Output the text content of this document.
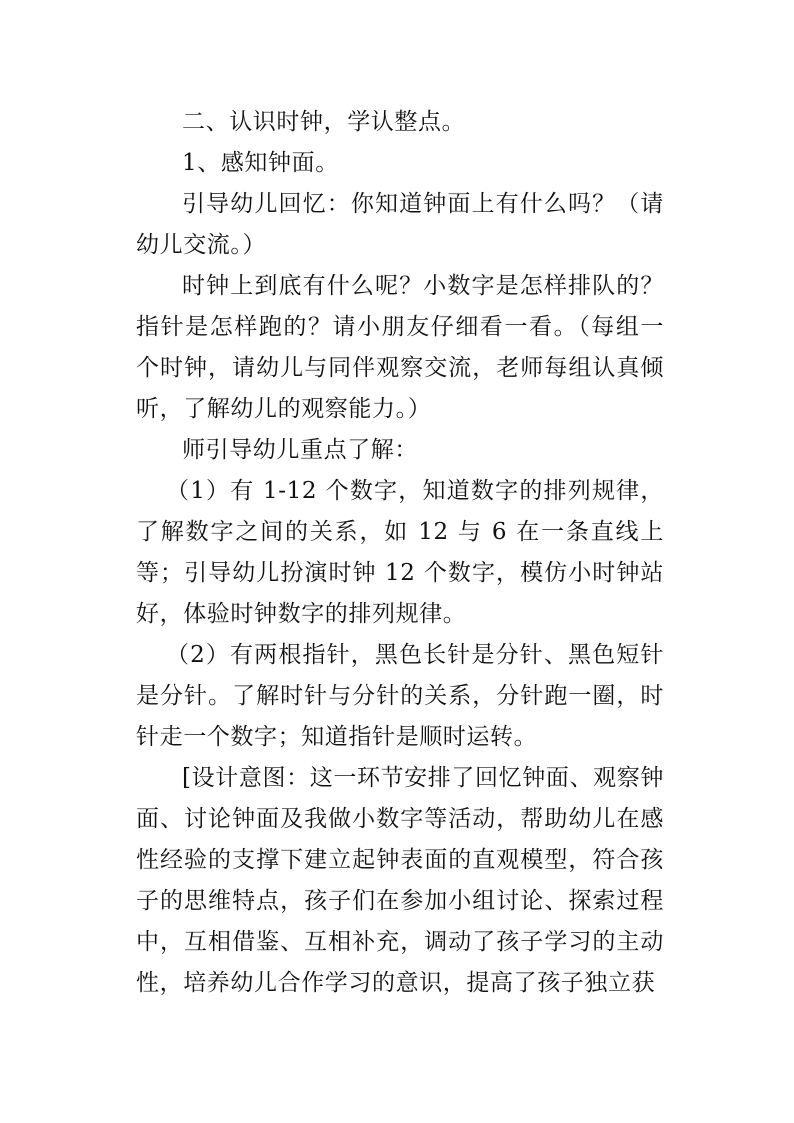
二、认识时钟，学认整点。

1、感知钟面。

引导幼儿回忆：你知道钟面上有什么吗？（请幼儿交流。）

时钟上到底有什么呢？小数字是怎样排队的？指针是怎样跑的？请小朋友仔细看一看。（每组一个时钟，请幼儿与同伴观察交流，老师每组认真倾听，了解幼儿的观察能力。）

师引导幼儿重点了解：

（1）有 1-12 个数字，知道数字的排列规律，了解数字之间的关系，如 12 与 6 在一条直线上等；引导幼儿扮演时钟 12 个数字，模仿小时钟站好，体验时钟数字的排列规律。

（2）有两根指针，黑色长针是分针、黑色短针是分针。了解时针与分针的关系，分针跑一圈，时针走一个数字；知道指针是顺时运转。

[设计意图：这一环节安排了回忆钟面、观察钟面、讨论钟面及我做小数字等活动，帮助幼儿在感性经验的支撑下建立起钟表面的直观模型，符合孩子的思维特点，孩子们在参加小组讨论、探索过程中，互相借鉴、互相补充，调动了孩子学习的主动性，培养幼儿合作学习的意识，提高了孩子独立获
